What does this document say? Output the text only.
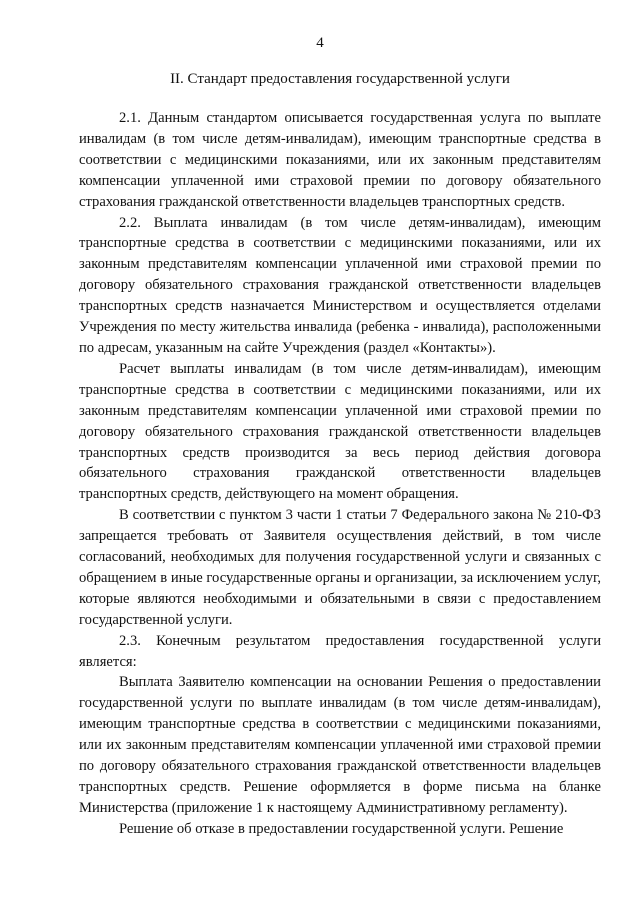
4
II. Стандарт предоставления государственной услуги

2.1. Данным стандартом описывается государственная услуга по выплате инвалидам (в том числе детям-инвалидам), имеющим транспортные средства в соответствии с медицинскими показаниями, или их законным представителям компенсации уплаченной ими страховой премии по договору обязательного страхования гражданской ответственности владельцев транспортных средств.

2.2. Выплата инвалидам (в том числе детям-инвалидам), имеющим транспортные средства в соответствии с медицинскими показаниями, или их законным представителям компенсации уплаченной ими страховой премии по договору обязательного страхования гражданской ответственности владельцев транспортных средств назначается Министерством и осуществляется отделами Учреждения по месту жительства инвалида (ребенка - инвалида), расположенными по адресам, указанным на сайте Учреждения (раздел «Контакты»).

Расчет выплаты инвалидам (в том числе детям-инвалидам), имеющим транспортные средства в соответствии с медицинскими показаниями, или их законным представителям компенсации уплаченной ими страховой премии по договору обязательного страхования гражданской ответственности владельцев транспортных средств производится за весь период действия договора обязательного страхования гражданской ответственности владельцев транспортных средств, действующего на момент обращения.

В соответствии с пунктом 3 части 1 статьи 7 Федерального закона № 210-ФЗ запрещается требовать от Заявителя осуществления действий, в том числе согласований, необходимых для получения государственной услуги и связанных с обращением в иные государственные органы и организации, за исключением услуг, которые являются необходимыми и обязательными в связи с предоставлением государственной услуги.

2.3. Конечным результатом предоставления государственной услуги является:

Выплата Заявителю компенсации на основании Решения о предоставлении государственной услуги по выплате инвалидам (в том числе детям-инвалидам), имеющим транспортные средства в соответствии с медицинскими показаниями, или их законным представителям компенсации уплаченной ими страховой премии по договору обязательного страхования гражданской ответственности владельцев транспортных средств. Решение оформляется в форме письма на бланке Министерства (приложение 1 к настоящему Административному регламенту).

Решение об отказе в предоставлении государственной услуги. Решение
